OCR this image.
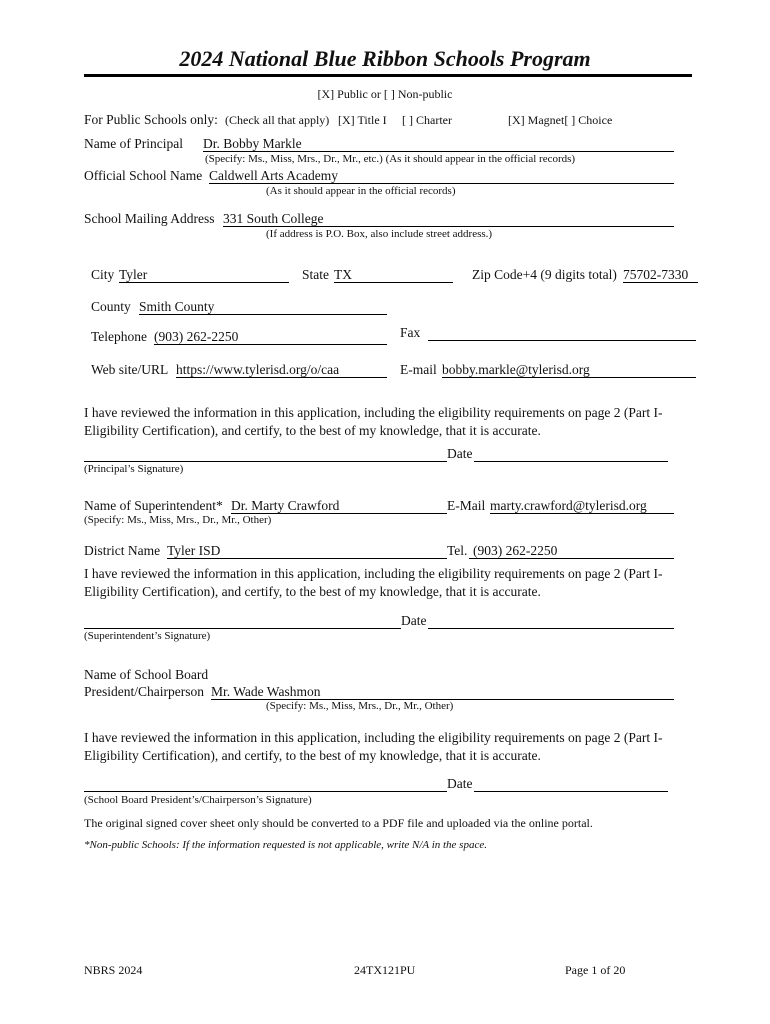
2024 National Blue Ribbon Schools Program
[X] Public or [ ] Non-public
For Public Schools only: (Check all that apply) [X] Title I [ ] Charter	[X] Magnet[ ] Choice
Name of Principal Dr. Bobby Markle
(Specify: Ms., Miss, Mrs., Dr., Mr., etc.) (As it should appear in the official records)
Official School Name Caldwell Arts Academy
(As it should appear in the official records)
School Mailing Address 331 South College
(If address is P.O. Box, also include street address.)
City Tyler	State TX	Zip Code+4 (9 digits total) 75702-7330
County Smith County
Telephone (903) 262-2250	Fax
Web site/URL https://www.tylerisd.org/o/caa	E-mail bobby.markle@tylerisd.org
I have reviewed the information in this application, including the eligibility requirements on page 2 (Part I-Eligibility Certification), and certify, to the best of my knowledge, that it is accurate.
Date
(Principal’s Signature)
Name of Superintendent* Dr. Marty Crawford	E-Mail marty.crawford@tylerisd.org
(Specify: Ms., Miss, Mrs., Dr., Mr., Other)
District Name Tyler ISD	Tel. (903) 262-2250
I have reviewed the information in this application, including the eligibility requirements on page 2 (Part I-Eligibility Certification), and certify, to the best of my knowledge, that it is accurate.
Date
(Superintendent’s Signature)
Name of School Board
President/Chairperson Mr. Wade Washmon
(Specify: Ms., Miss, Mrs., Dr., Mr., Other)
I have reviewed the information in this application, including the eligibility requirements on page 2 (Part I-Eligibility Certification), and certify, to the best of my knowledge, that it is accurate.
Date
(School Board President’s/Chairperson’s Signature)
The original signed cover sheet only should be converted to a PDF file and uploaded via the online portal.
*Non-public Schools: If the information requested is not applicable, write N/A in the space.
NBRS 2024	24TX121PU	Page 1 of 20
